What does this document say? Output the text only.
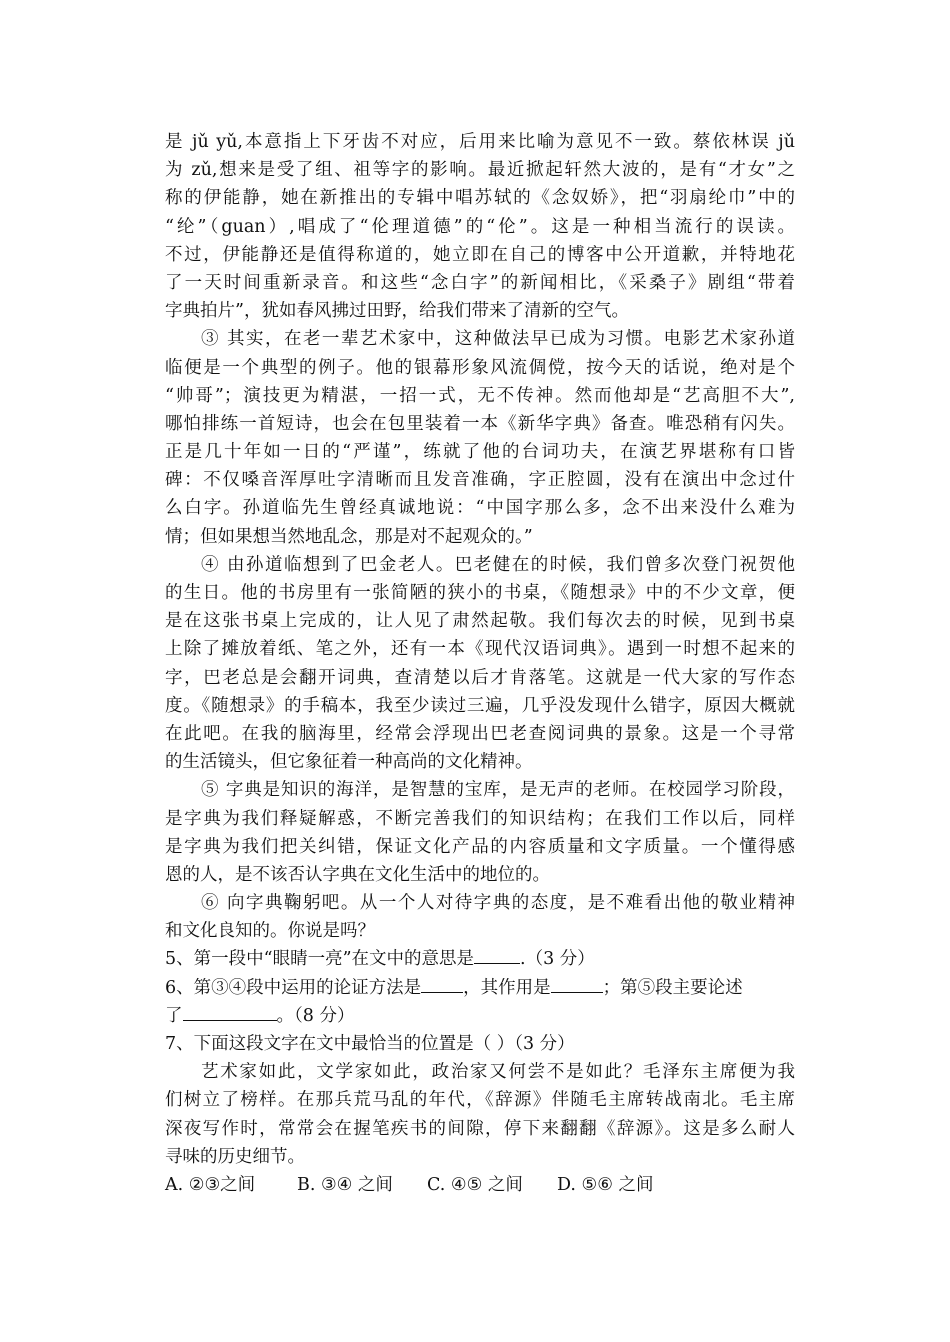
是 jǔ yǔ,本意指上下牙齿不对应，后用来比喻为意见不一致。蔡依林误 jǔ
为 zǔ,想来是受了组、祖等字的影响。最近掀起轩然大波的，是有“才女”之
称的伊能静，她在新推出的专辑中唱苏轼的《念奴娇》，把“羽扇纶巾”中的
“纶”（guan）,唱成了“伦理道德”的“伦”。这是一种相当流行的误读。
不过，伊能静还是值得称道的，她立即在自己的博客中公开道歉，并特地花
了一天时间重新录音。和这些“念白字”的新闻相比，《采桑子》剧组“带着
字典拍片”，犹如春风拂过田野，给我们带来了清新的空气。
③ 其实，在老一辈艺术家中，这种做法早已成为习惯。电影艺术家孙道
临便是一个典型的例子。他的银幕形象风流倜傥，按今天的话说，绝对是个
“帅哥”；演技更为精湛，一招一式，无不传神。然而他却是“艺高胆不大”,
哪怕排练一首短诗，也会在包里装着一本《新华字典》备查。唯恐稍有闪失。
正是几十年如一日的“严谨”，练就了他的台词功夫，在演艺界堪称有口皆
碑：不仅嗓音浑厚吐字清晰而且发音准确，字正腔圆，没有在演出中念过什
么白字。孙道临先生曾经真诚地说：“中国字那么多，念不出来没什么难为
情；但如果想当然地乱念，那是对不起观众的。”
④ 由孙道临想到了巴金老人。巴老健在的时候，我们曾多次登门祝贺他
的生日。他的书房里有一张简陋的狭小的书桌，《随想录》中的不少文章，便
是在这张书桌上完成的，让人见了肃然起敬。我们每次去的时候，见到书桌
上除了摊放着纸、笔之外，还有一本《现代汉语词典》。遇到一时想不起来的
字，巴老总是会翻开词典，查清楚以后才肯落笔。这就是一代大家的写作态
度。《随想录》的手稿本，我至少读过三遍，几乎没发现什么错字，原因大概就
在此吧。在我的脑海里，经常会浮现出巴老查阅词典的景象。这是一个寻常
的生活镜头，但它象征着一种高尚的文化精神。
⑤ 字典是知识的海洋，是智慧的宝库，是无声的老师。在校园学习阶段，
是字典为我们释疑解惑，不断完善我们的知识结构；在我们工作以后，同样
是字典为我们把关纠错，保证文化产品的内容质量和文字质量。一个懂得感
恩的人，是不该否认字典在文化生活中的地位的。
⑥ 向字典鞠躬吧。从一个人对待字典的态度，是不难看出他的敬业精神
和文化良知的。你说是吗？
5、第一段中“眼睛一亮”在文中的意思是	.（3 分）
6、第③④段中运用的论证方法是 ，其作用是	；第⑤段主要论述
了	。（8 分）
7、下面这段文字在文中最恰当的位置是（ ）（3 分）
艺术家如此，文学家如此，政治家又何尝不是如此？毛泽东主席便为我
们树立了榜样。在那兵荒马乱的年代，《辞源》伴随毛主席转战南北。毛主席
深夜写作时，常常会在握笔疾书的间隙，停下来翻翻《辞源》。这是多么耐人
寻味的历史细节。
A. ②③之间 B. ③④ 之间 C. ④⑤ 之间 D. ⑤⑥ 之间
